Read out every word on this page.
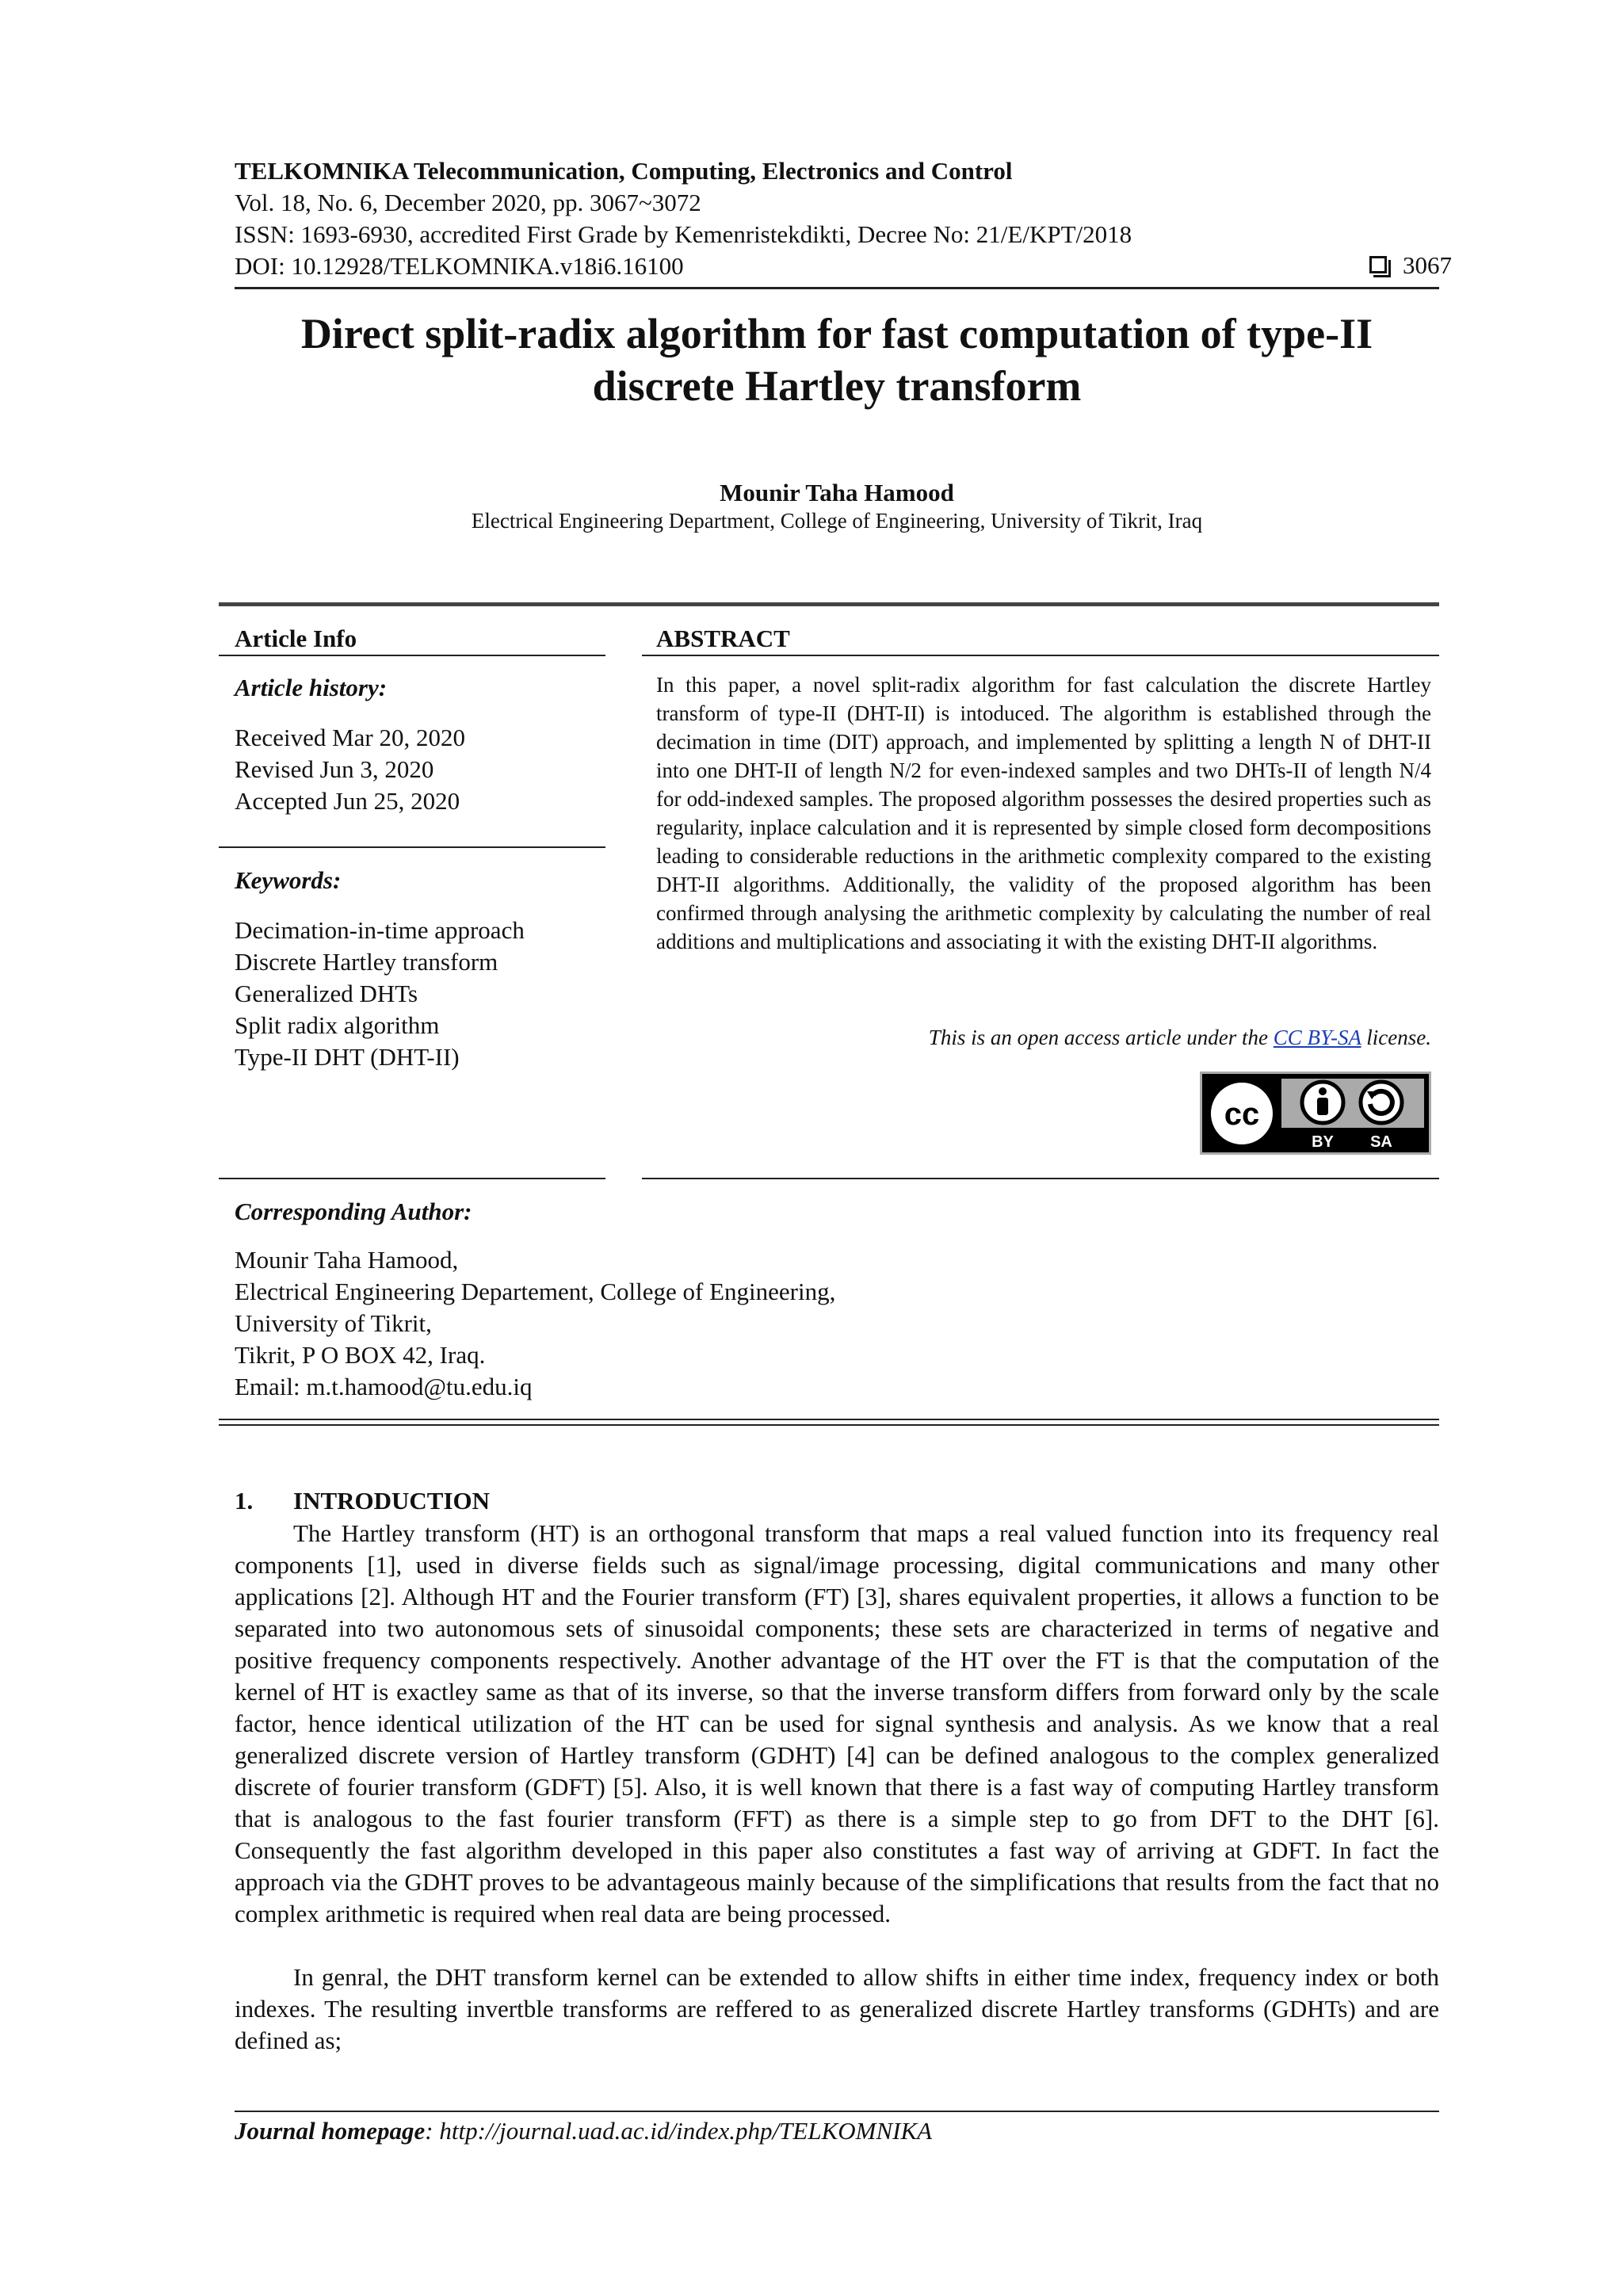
TELKOMNIKA Telecommunication, Computing, Electronics and Control
Vol. 18, No. 6, December 2020, pp. 3067~3072
ISSN: 1693-6930, accredited First Grade by Kemenristekdikti, Decree No: 21/E/KPT/2018
DOI: 10.12928/TELKOMNIKA.v18i6.16100	3067
Direct split-radix algorithm for fast computation of type-II discrete Hartley transform
Mounir Taha Hamood
Electrical Engineering Department, College of Engineering, University of Tikrit, Iraq
Article Info
Article history:
Received Mar 20, 2020
Revised Jun 3, 2020
Accepted Jun 25, 2020
Keywords:
Decimation-in-time approach
Discrete Hartley transform
Generalized DHTs
Split radix algorithm
Type-II DHT (DHT-II)
ABSTRACT
In this paper, a novel split-radix algorithm for fast calculation the discrete Hartley transform of type-II (DHT-II) is intoduced. The algorithm is established through the decimation in time (DIT) approach, and implemented by splitting a length N of DHT-II into one DHT-II of length N/2 for even-indexed samples and two DHTs-II of length N/4 for odd-indexed samples. The proposed algorithm possesses the desired properties such as regularity, inplace calculation and it is represented by simple closed form decompositions leading to considerable reductions in the arithmetic complexity compared to the existing DHT-II algorithms. Additionally, the validity of the proposed algorithm has been confirmed through analysing the arithmetic complexity by calculating the number of real additions and multiplications and associating it with the existing DHT-II algorithms.
This is an open access article under the CC BY-SA license.
cc
BY SA
Corresponding Author:
Mounir Taha Hamood,
Electrical Engineering Departement, College of Engineering,
University of Tikrit,
Tikrit, P O BOX 42, Iraq.
Email: m.t.hamood@tu.edu.iq
1. INTRODUCTION
The Hartley transform (HT) is an orthogonal transform that maps a real valued function into its frequency real components [1], used in diverse fields such as signal/image processing, digital communications and many other applications [2]. Although HT and the Fourier transform (FT) [3], shares equivalent properties, it allows a function to be separated into two autonomous sets of sinusoidal components; these sets are characterized in terms of negative and positive frequency components respectively. Another advantage of the HT over the FT is that the computation of the kernel of HT is exactley same as that of its inverse, so that the inverse transform differs from forward only by the scale factor, hence identical utilization of the HT can be used for signal synthesis and analysis. As we know that a real generalized discrete version of Hartley transform (GDHT) [4] can be defined analogous to the complex generalized discrete of fourier transform (GDFT) [5]. Also, it is well known that there is a fast way of computing Hartley transform that is analogous to the fast fourier transform (FFT) as there is a simple step to go from DFT to the DHT [6]. Consequently the fast algorithm developed in this paper also constitutes a fast way of arriving at GDFT. In fact the approach via the GDHT proves to be advantageous mainly because of the simplifications that results from the fact that no complex arithmetic is required when real data are being processed.
In genral, the DHT transform kernel can be extended to allow shifts in either time index, frequency index or both indexes. The resulting invertble transforms are reffered to as generalized discrete Hartley transforms (GDHTs) and are defined as;
Journal homepage: http://journal.uad.ac.id/index.php/TELKOMNIKA
